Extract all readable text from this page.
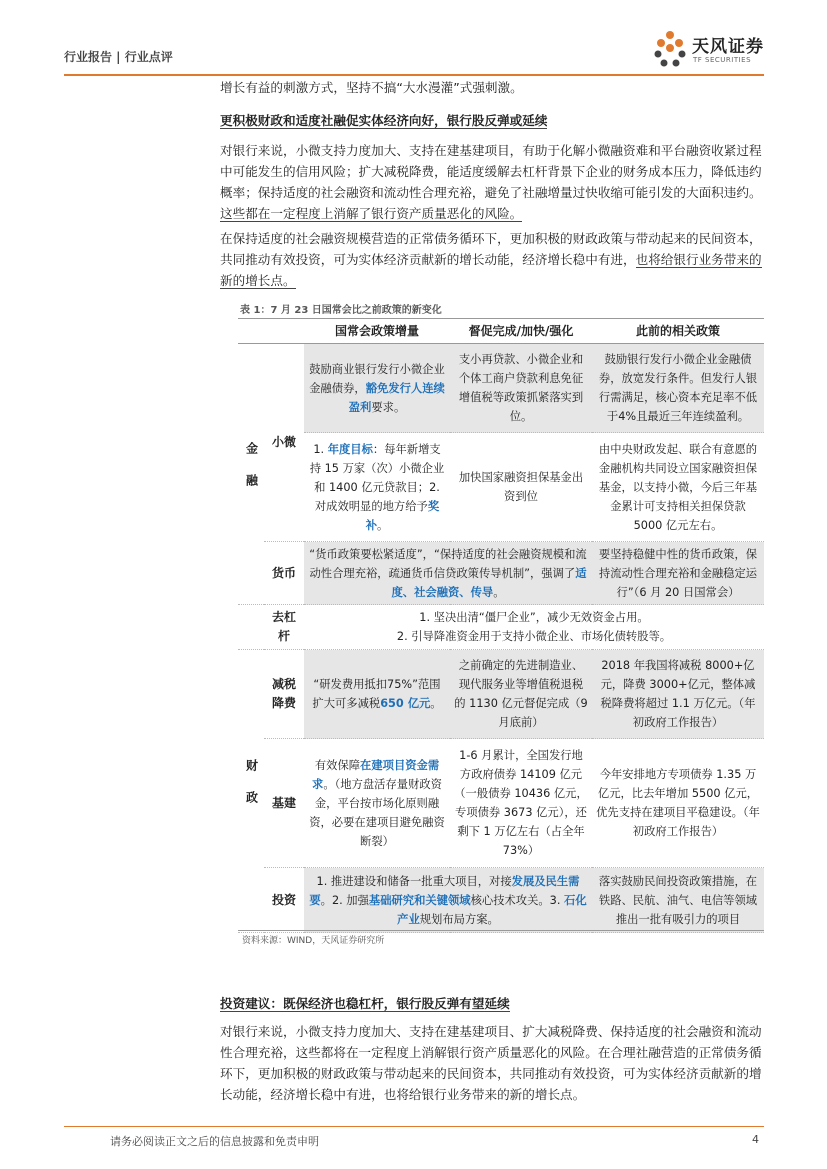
行业报告 | 行业点评	天风证券
TF SECURITIES
增长有益的刺激方式，坚持不搞“大水漫灌”式强刺激。
更积极财政和适度社融促实体经济向好，银行股反弹或延续
对银行来说，小微支持力度加大、支持在建基建项目，有助于化解小微融资难和平台融资收紧过程中可能发生的信用风险；扩大减税降费，能适度缓解去杠杆背景下企业的财务成本压力，降低违约概率；保持适度的社会融资和流动性合理充裕，避免了社融增量过快收缩可能引发的大面积违约。这些都在一定程度上消解了银行资产质量恶化的风险。
在保持适度的社会融资规模营造的正常债务循环下，更加积极的财政政策与带动起来的民间资本，共同推动有效投资，可为实体经济贡献新的增长动能，经济增长稳中有进，也将给银行业务带来的新的增长点。
表 1：7 月 23 日国常会比之前政策的新变化
		国常会政策增量	督促完成/加快/强化	此前的相关政策
金融	小微	鼓励商业银行发行小微企业金融债券，豁免发行人连续盈利要求。	支小再贷款、小微企业和个体工商户贷款利息免征增值税等政策抓紧落实到位。	鼓励银行发行小微企业金融债券，放宽发行条件。但发行人银行需满足，核心资本充足率不低于4%且最近三年连续盈利。
		1. 年度目标：每年新增支持 15 万家（次）小微企业和 1400 亿元贷款目；2. 对成效明显的地方给予奖补。	加快国家融资担保基金出资到位	由中央财政发起、联合有意愿的金融机构共同设立国家融资担保基金，以支持小微，今后三年基金累计可支持相关担保贷款5000 亿元左右。
	货币	“货币政策要松紧适度”，“保持适度的社会融资规模和流动性合理充裕，疏通货币信贷政策传导机制”，强调了适度、社会融资、传导。		要坚持稳健中性的货币政策，保持流动性合理充裕和金融稳定运行”（6 月 20 日国常会）
	去杠杆	1. 坚决出清“僵尸企业”，减少无效资金占用。
2. 引导降准资金用于支持小微企业、市场化债转股等。		

财政	减税降费	“研发费用抵扣75%”范围扩大可多减税650 亿元。	之前确定的先进制造业、现代服务业等增值税退税的 1130 亿元督促完成（9 月底前）	2018 年我国将减税 8000+亿元，降费 3000+亿元，整体减税降费将超过 1.1 万亿元。（年初政府工作报告）
	基建	有效保障在建项目资金需求。（地方盘活存量财政资金，平台按市场化原则融资，必要在建项目避免融资断裂）	1-6 月累计，全国发行地方政府债券 14109 亿元（一般债券 10436 亿元，专项债券 3673 亿元），还剩下 1 万亿左右（占全年 73%）	今年安排地方专项债券 1.35 万亿元，比去年增加 5500 亿元，优先支持在建项目平稳建设。（年初政府工作报告）
	投资	1. 推进建设和储备一批重大项目，对接发展及民生需要。2. 加强基础研究和关键领域核心技术攻关。3. 石化产业规划布局方案。		落实鼓励民间投资政策措施，在铁路、民航、油气、电信等领域推出一批有吸引力的项目
资料来源：WIND，天风证券研究所
投资建议：既保经济也稳杠杆，银行股反弹有望延续
对银行来说，小微支持力度加大、支持在建基建项目、扩大减税降费、保持适度的社会融资和流动性合理充裕，这些都将在一定程度上消解银行资产质量恶化的风险。在合理社融营造的正常债务循环下，更加积极的财政政策与带动起来的民间资本，共同推动有效投资，可为实体经济贡献新的增长动能，经济增长稳中有进，也将给银行业务带来的新的增长点。
请务必阅读正文之后的信息披露和免责申明	4
